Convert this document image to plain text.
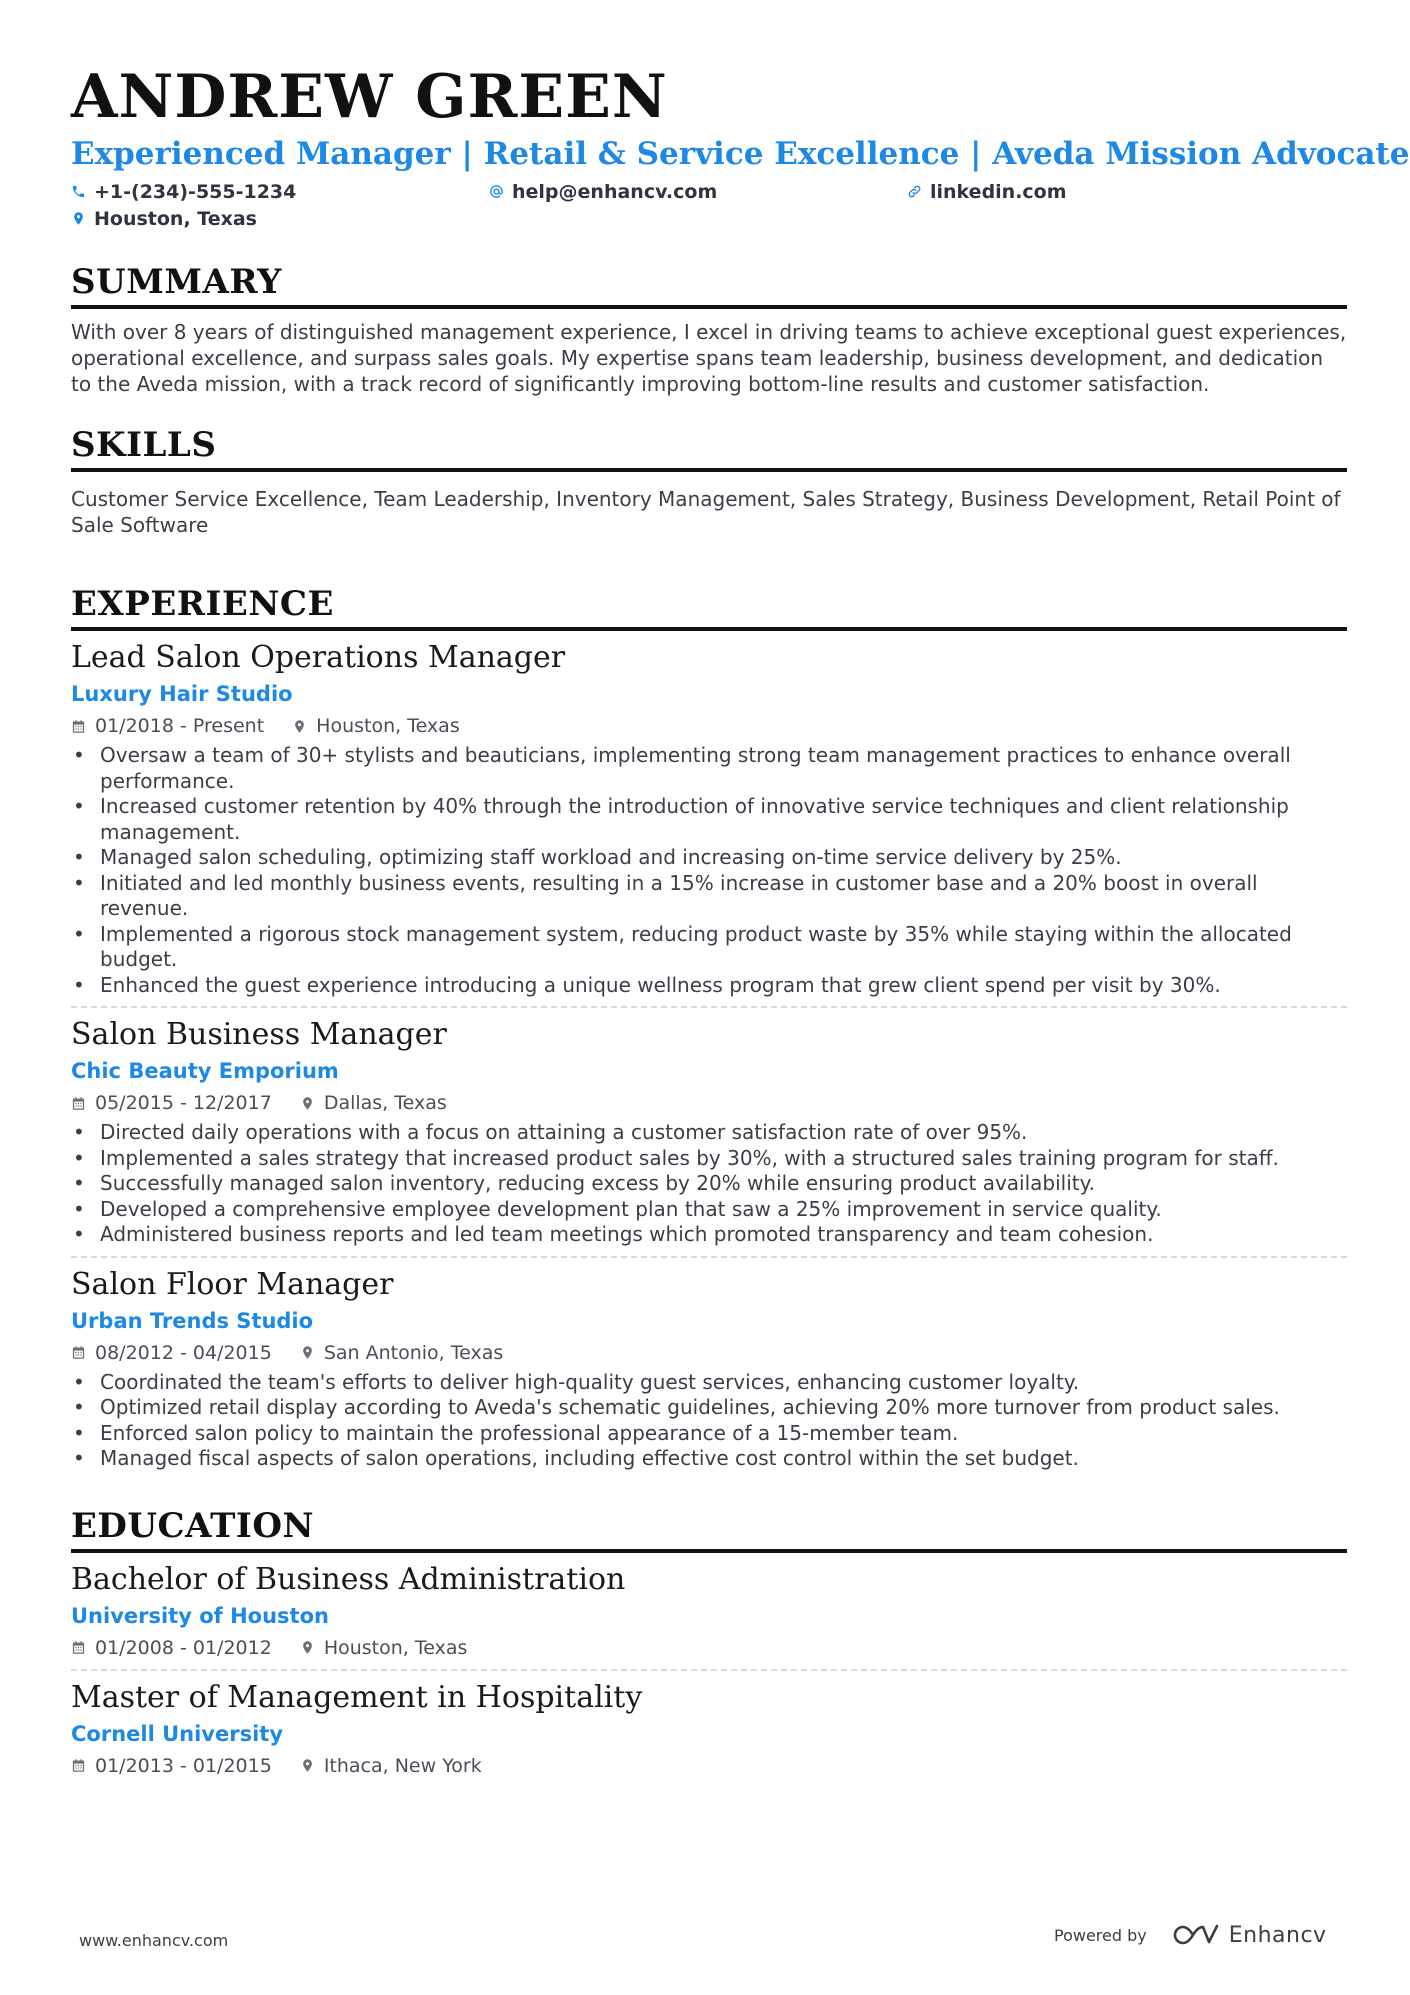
ANDREW GREEN
Experienced Manager | Retail & Service Excellence | Aveda Mission Advocate
+1-(234)-555-1234	help@enhancv.com	linkedin.com
Houston, Texas
SUMMARY
With over 8 years of distinguished management experience, I excel in driving teams to achieve exceptional guest experiences, operational excellence, and surpass sales goals. My expertise spans team leadership, business development, and dedication to the Aveda mission, with a track record of significantly improving bottom-line results and customer satisfaction.
SKILLS
Customer Service Excellence, Team Leadership, Inventory Management, Sales Strategy, Business Development, Retail Point of Sale Software
EXPERIENCE
Lead Salon Operations Manager
Luxury Hair Studio
01/2018 - Present	Houston, Texas
• Oversaw a team of 30+ stylists and beauticians, implementing strong team management practices to enhance overall performance.
• Increased customer retention by 40% through the introduction of innovative service techniques and client relationship management.
• Managed salon scheduling, optimizing staff workload and increasing on-time service delivery by 25%.
• Initiated and led monthly business events, resulting in a 15% increase in customer base and a 20% boost in overall revenue.
• Implemented a rigorous stock management system, reducing product waste by 35% while staying within the allocated budget.
• Enhanced the guest experience introducing a unique wellness program that grew client spend per visit by 30%.
Salon Business Manager
Chic Beauty Emporium
05/2015 - 12/2017	Dallas, Texas
• Directed daily operations with a focus on attaining a customer satisfaction rate of over 95%.
• Implemented a sales strategy that increased product sales by 30%, with a structured sales training program for staff.
• Successfully managed salon inventory, reducing excess by 20% while ensuring product availability.
• Developed a comprehensive employee development plan that saw a 25% improvement in service quality.
• Administered business reports and led team meetings which promoted transparency and team cohesion.
Salon Floor Manager
Urban Trends Studio
08/2012 - 04/2015	San Antonio, Texas
• Coordinated the team's efforts to deliver high-quality guest services, enhancing customer loyalty.
• Optimized retail display according to Aveda's schematic guidelines, achieving 20% more turnover from product sales.
• Enforced salon policy to maintain the professional appearance of a 15-member team.
• Managed fiscal aspects of salon operations, including effective cost control within the set budget.
EDUCATION
Bachelor of Business Administration
University of Houston
01/2008 - 01/2012	Houston, Texas
Master of Management in Hospitality
Cornell University
01/2013 - 01/2015	Ithaca, New York
www.enhancv.com	Powered by	Enhancv
